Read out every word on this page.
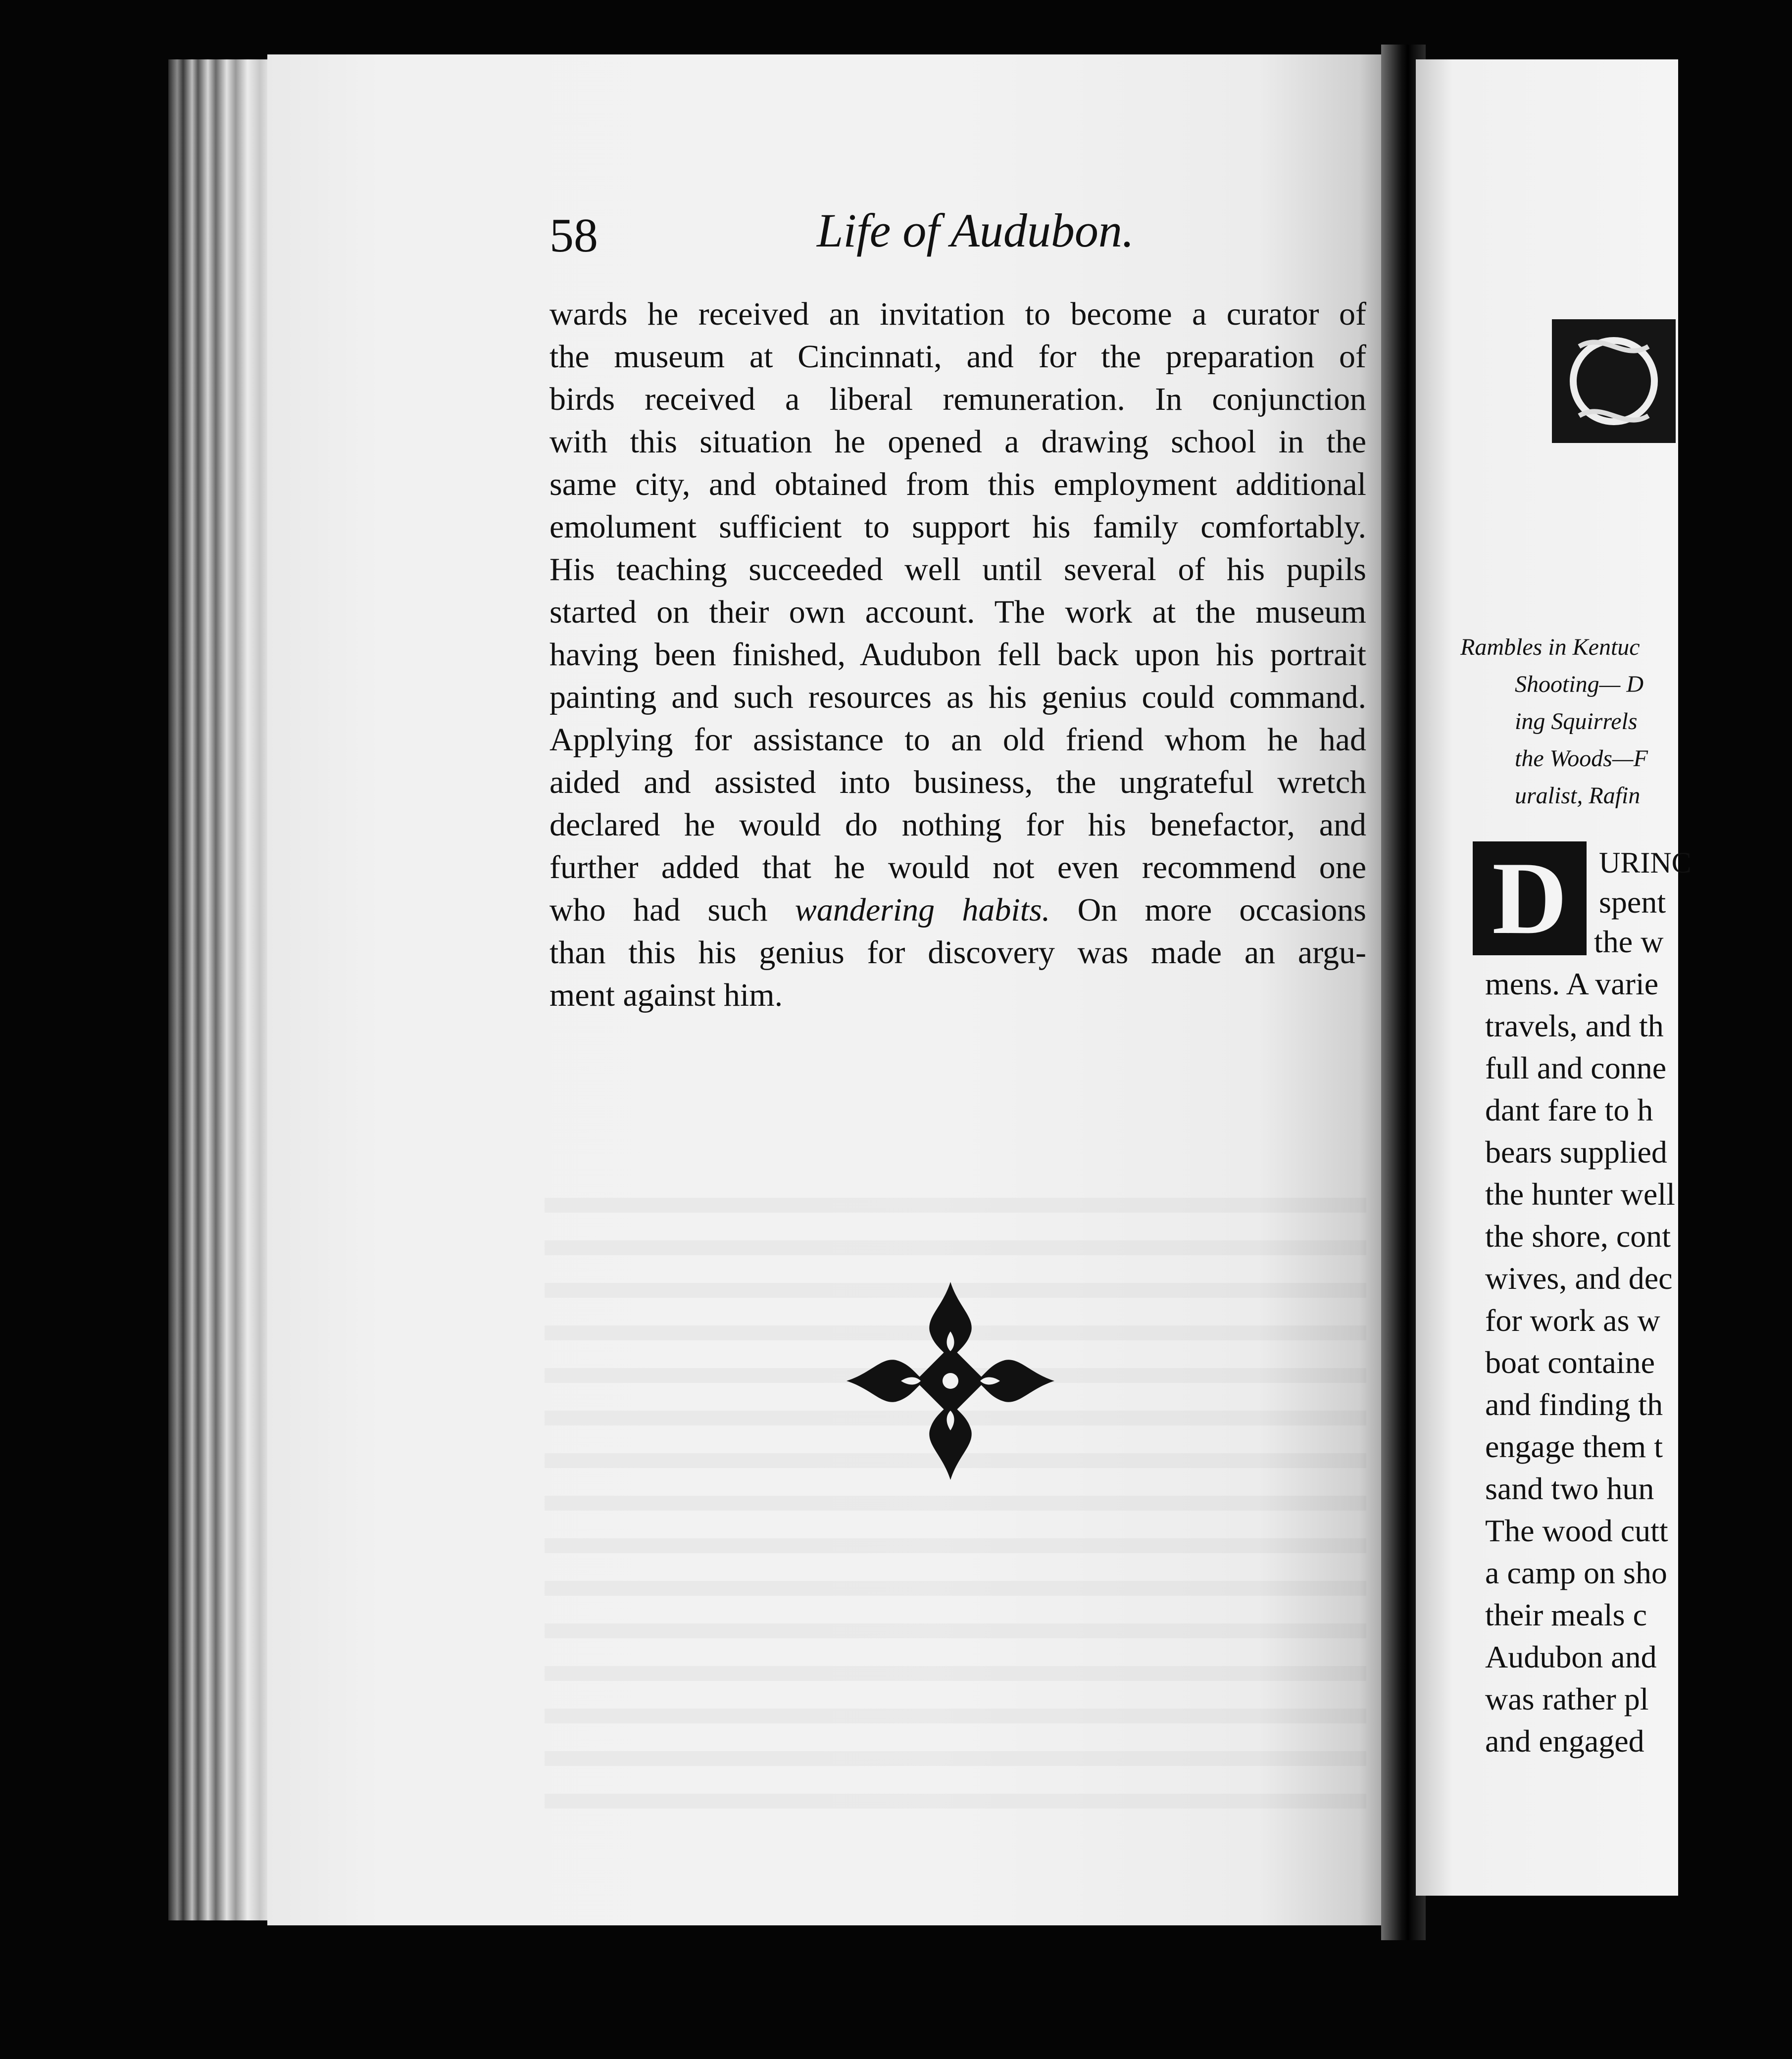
58	Life of Audubon.
wards he received an invitation to become a curator of
the museum at Cincinnati, and for the preparation of
birds received a liberal remuneration. In conjunction
with this situation he opened a drawing school in the
same city, and obtained from this employment additional
emolument sufficient to support his family comfortably.
His teaching succeeded well until several of his pupils
started on their own account. The work at the museum
having been finished, Audubon fell back upon his portrait
painting and such resources as his genius could command.
Applying for assistance to an old friend whom he had
aided and assisted into business, the ungrateful wretch
declared he would do nothing for his benefactor, and
further added that he would not even recommend one
who had such wandering habits. On more occasions
than this his genius for discovery was made an argu-
ment against him.
Rambles in Kentuc
Shooting— D
ing Squirrels
the Woods—F
uralist, Rafin
D	URINC
spent
the w
mens. A varie
travels, and th
full and conne
dant fare to h
bears supplied
the hunter well
the shore, cont
wives, and dec
for work as w
boat containe
and finding th
engage them t
sand two hun
The wood cutt
a camp on sho
their meals c
Audubon and
was rather pl
and engaged
